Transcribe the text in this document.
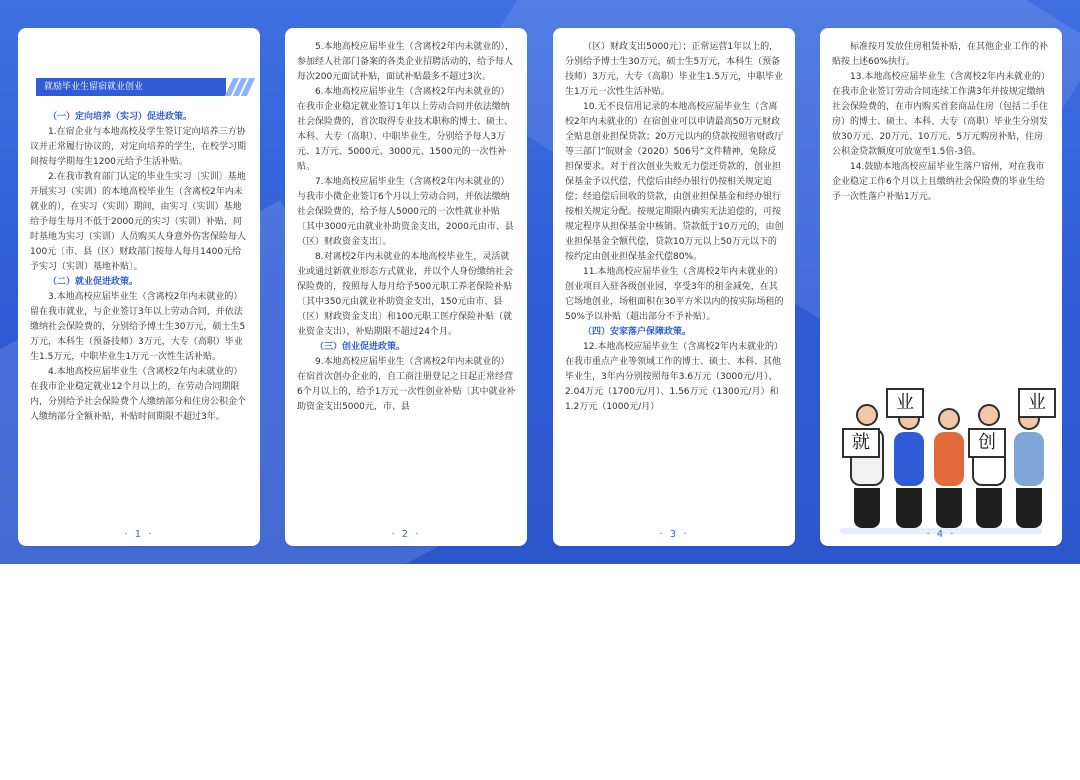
就励毕业生留宿就业创业

（一）定向培养（实习）促进政策。

1.在宿企业与本地高校及学生签订定向培养三方协议并正常履行协议的，对定向培养的学生，在校学习期间按每学期每生1200元给予生活补贴。

2.在我市教育部门认定的毕业生实习〔实训〕基地开展实习（实训）的本地高校毕业生（含离校2年内未就业的），在实习（实训）期间，由实习（实训）基地给予每生每月不低于2000元的实习（实训）补贴，同时基地为实习（实训）人员购买人身意外伤害保险每人100元〔市、县（区）财政部门按每人每月1400元给予实习（实训）基地补贴〕。

（二）就业促进政策。

3.本地高校应届毕业生（含离校2年内未就业的）留在我市就业，与企业签订3年以上劳动合同，并依法缴纳社会保险费的，分别给予博士生30万元，硕士生5万元，本科生（预备技师）3万元，大专（高职）毕业生1.5万元，中职毕业生1万元一次性生活补贴。

4.本地高校应届毕业生（含离校2年内未就业的）在我市企业稳定就业12个月以上的，在劳动合同期限内，分别给予社会保险费个人缴纳部分和住房公积金个人缴纳部分全额补贴，补贴时间期限不超过3年。

· 1 ·

5.本地高校应届毕业生（含离校2年内未就业的），参加经人社部门备案的各类企业招聘活动的，给予每人每次200元面试补贴，面试补贴最多不超过3次。

6.本地高校应届毕业生（含离校2年内未就业的）在我市企业稳定就业签订1年以上劳动合同并依法缴纳社会保险费的，首次取得专业技术职称的博士、硕士、本科、大专（高职）、中职毕业生，分别给予每人3万元、1万元、5000元、3000元、1500元的一次性补贴。

7.本地高校应届毕业生（含离校2年内未就业的）与我市小微企业签订6个月以上劳动合同，并依法缴纳社会保险费的，给予每人5000元的一次性就业补贴〔其中3000元由就业补助资金支出，2000元由市、县（区）财政资金支出〕。

8.对离校2年内未就业的本地高校毕业生，灵活就业或通过新就业形态方式就业，并以个人身份缴纳社会保险费的，按照每人每月给予500元职工养老保险补贴〔其中350元由就业补助资金支出，150元由市、县（区）财政资金支出〕和100元职工医疗保险补贴（就业资金支出），补贴期限不超过24个月。

（三）创业促进政策。

9.本地高校应届毕业生（含离校2年内未就业的）在宿首次创办企业的，自工商注册登记之日起正常经营6个月以上的，给予1万元一次性创业补贴〔其中就业补助资金支出5000元，市、县

· 2 ·

（区）财政支出5000元〕；正常运营1年以上的，分别给予博士生30万元，硕士生5万元，本科生（预备技师）3万元，大专（高职）毕业生1.5万元，中职毕业生1万元一次性生活补贴。

10.无不良信用记录的本地高校应届毕业生（含离校2年内未就业的）在宿创业可以申请最高50万元财政全贴息创业担保贷款；20万元以内的贷款按照省财政厅等三部门“皖财金（2020）506号”文件精神，免除反担保要求。对于首次创业失败无力偿还贷款的，创业担保基金予以代偿，代偿后由经办银行仍按相关规定追偿；经追偿后回收的贷款，由创业担保基金和经办银行按相关规定分配。按规定期限内确实无法追偿的，可按规定程序从担保基金中核销。贷款低于10万元的，由创业担保基金全额代偿，贷款10万元以上50万元以下的按约定由创业担保基金代偿80%。

11.本地高校应届毕业生（含离校2年内未就业的）创业项目入驻各级创业园，享受3年的租金减免，在其它场地创业，场租面积在30平方米以内的按实际场租的50%予以补贴（超出部分不予补贴）。

（四）安家落户保障政策。

12.本地高校应届毕业生（含离校2年内未就业的）在我市重点产业等领域工作的博士、硕士、本科、其他毕业生，3年内分别按照每年3.6万元（3000元/月）、2.04万元（1700元/月）、1.56万元（1300元/月）和1.2万元（1000元/月）

· 3 ·

标准按月发放住房租赁补贴，在其他企业工作的补贴按上述60%执行。

13.本地高校应届毕业生（含离校2年内未就业的）在我市企业签订劳动合同连续工作满3年并按规定缴纳社会保险费的，在市内购买首套商品住房（包括二手住房）的博士、硕士、本科、大专（高职）毕业生分别发放30万元、20万元、10万元、5万元购房补贴，住房公积金贷款额度可放宽至1.5倍-3倍。

14.鼓励本地高校应届毕业生落户宿州，对在我市企业稳定工作6个月以上且缴纳社会保险费的毕业生给予一次性落户补贴1万元。

就
业
创
业
· 4 ·
